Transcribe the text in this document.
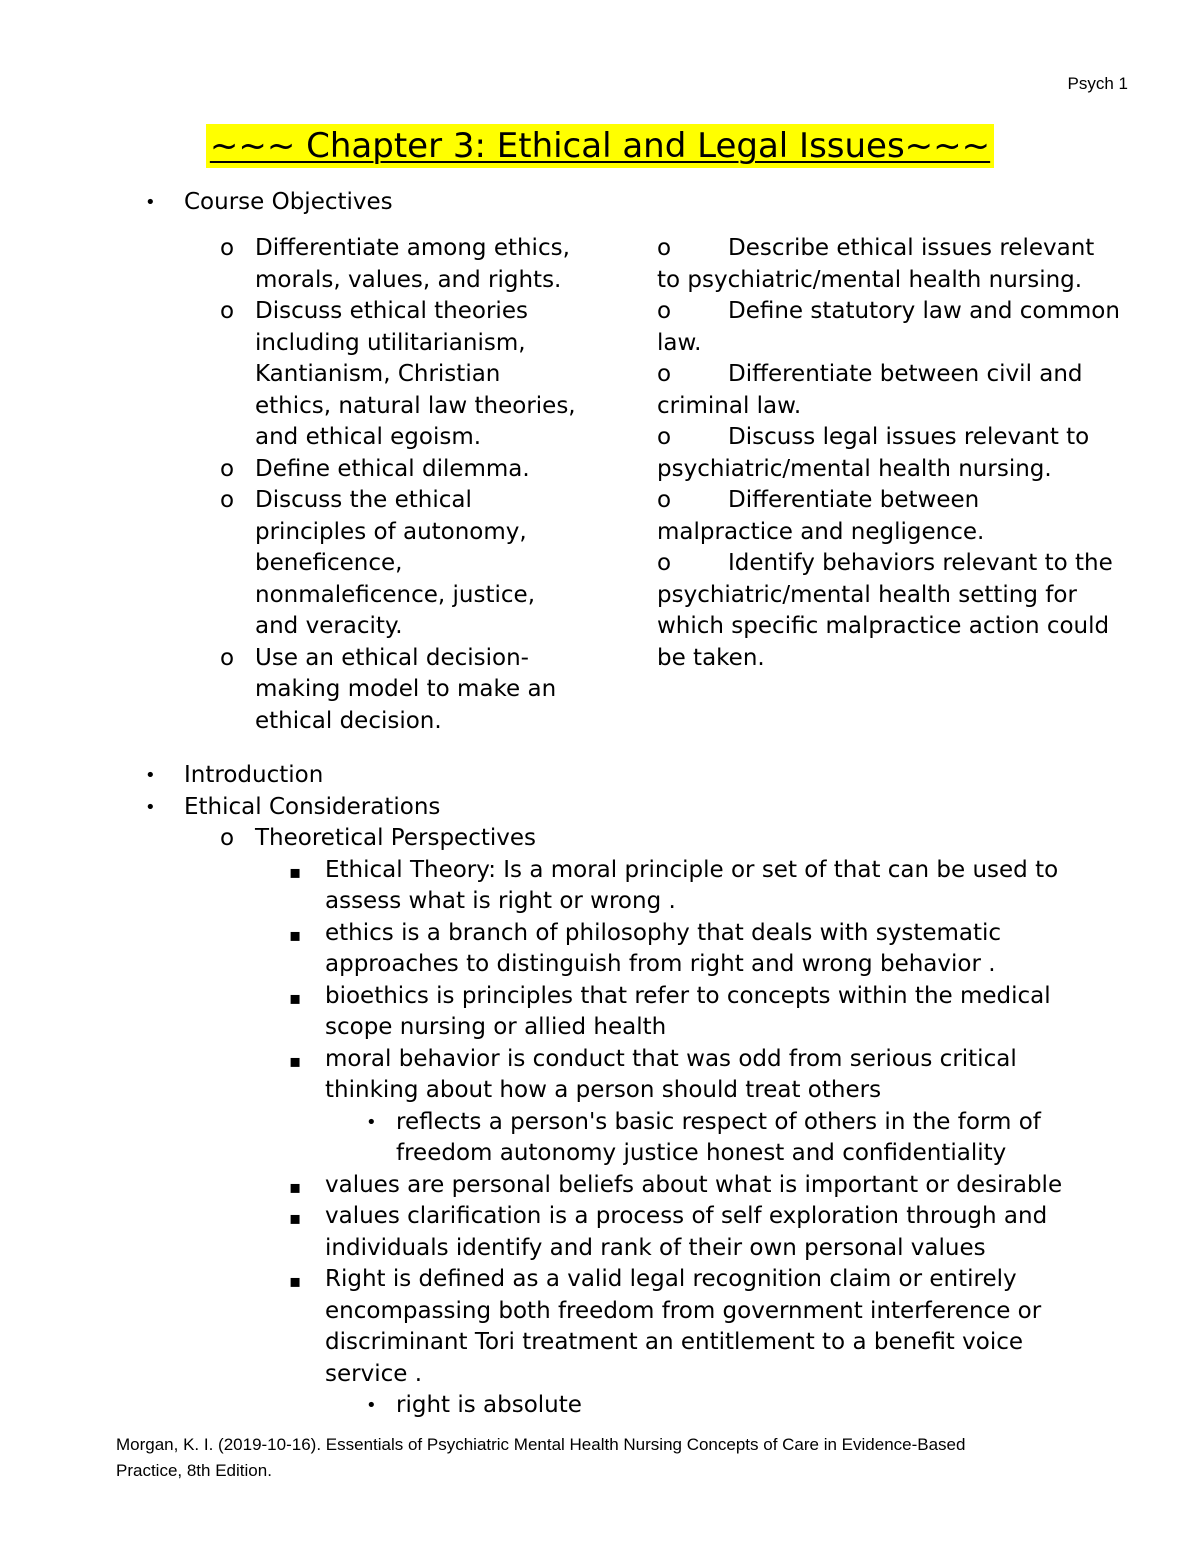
Psych 1
~~~ Chapter 3: Ethical and Legal Issues~~~
• Course Objectives
o Differentiate among ethics,
morals, values, and rights.
o Discuss ethical theories
including utilitarianism,
Kantianism, Christian
ethics, natural law theories,
and ethical egoism.
o Define ethical dilemma.
o Discuss the ethical
principles of autonomy,
beneficence,
nonmaleficence, justice,
and veracity.
o Use an ethical decision-
making model to make an
ethical decision.
o Describe ethical issues relevant
to psychiatric/mental health nursing.
o Define statutory law and common
law.
o Differentiate between civil and
criminal law.
o Discuss legal issues relevant to
psychiatric/mental health nursing.
o Differentiate between
malpractice and negligence.
o Identify behaviors relevant to the
psychiatric/mental health setting for
which specific malpractice action could
be taken.
• Introduction
• Ethical Considerations
o Theoretical Perspectives
▪ Ethical Theory: Is a moral principle or set of that can be used to
assess what is right or wrong .
▪ ethics is a branch of philosophy that deals with systematic
approaches to distinguish from right and wrong behavior .
▪ bioethics is principles that refer to concepts within the medical
scope nursing or allied health
▪ moral behavior is conduct that was odd from serious critical
thinking about how a person should treat others
• reflects a person's basic respect of others in the form of
freedom autonomy justice honest and confidentiality
▪ values are personal beliefs about what is important or desirable
▪ values clarification is a process of self exploration through and
individuals identify and rank of their own personal values
▪ Right is defined as a valid legal recognition claim or entirely
encompassing both freedom from government interference or
discriminant Tori treatment an entitlement to a benefit voice
service .
• right is absolute
Morgan, K. I. (2019-10-16). Essentials of Psychiatric Mental Health Nursing Concepts of Care in Evidence-Based
Practice, 8th Edition.
